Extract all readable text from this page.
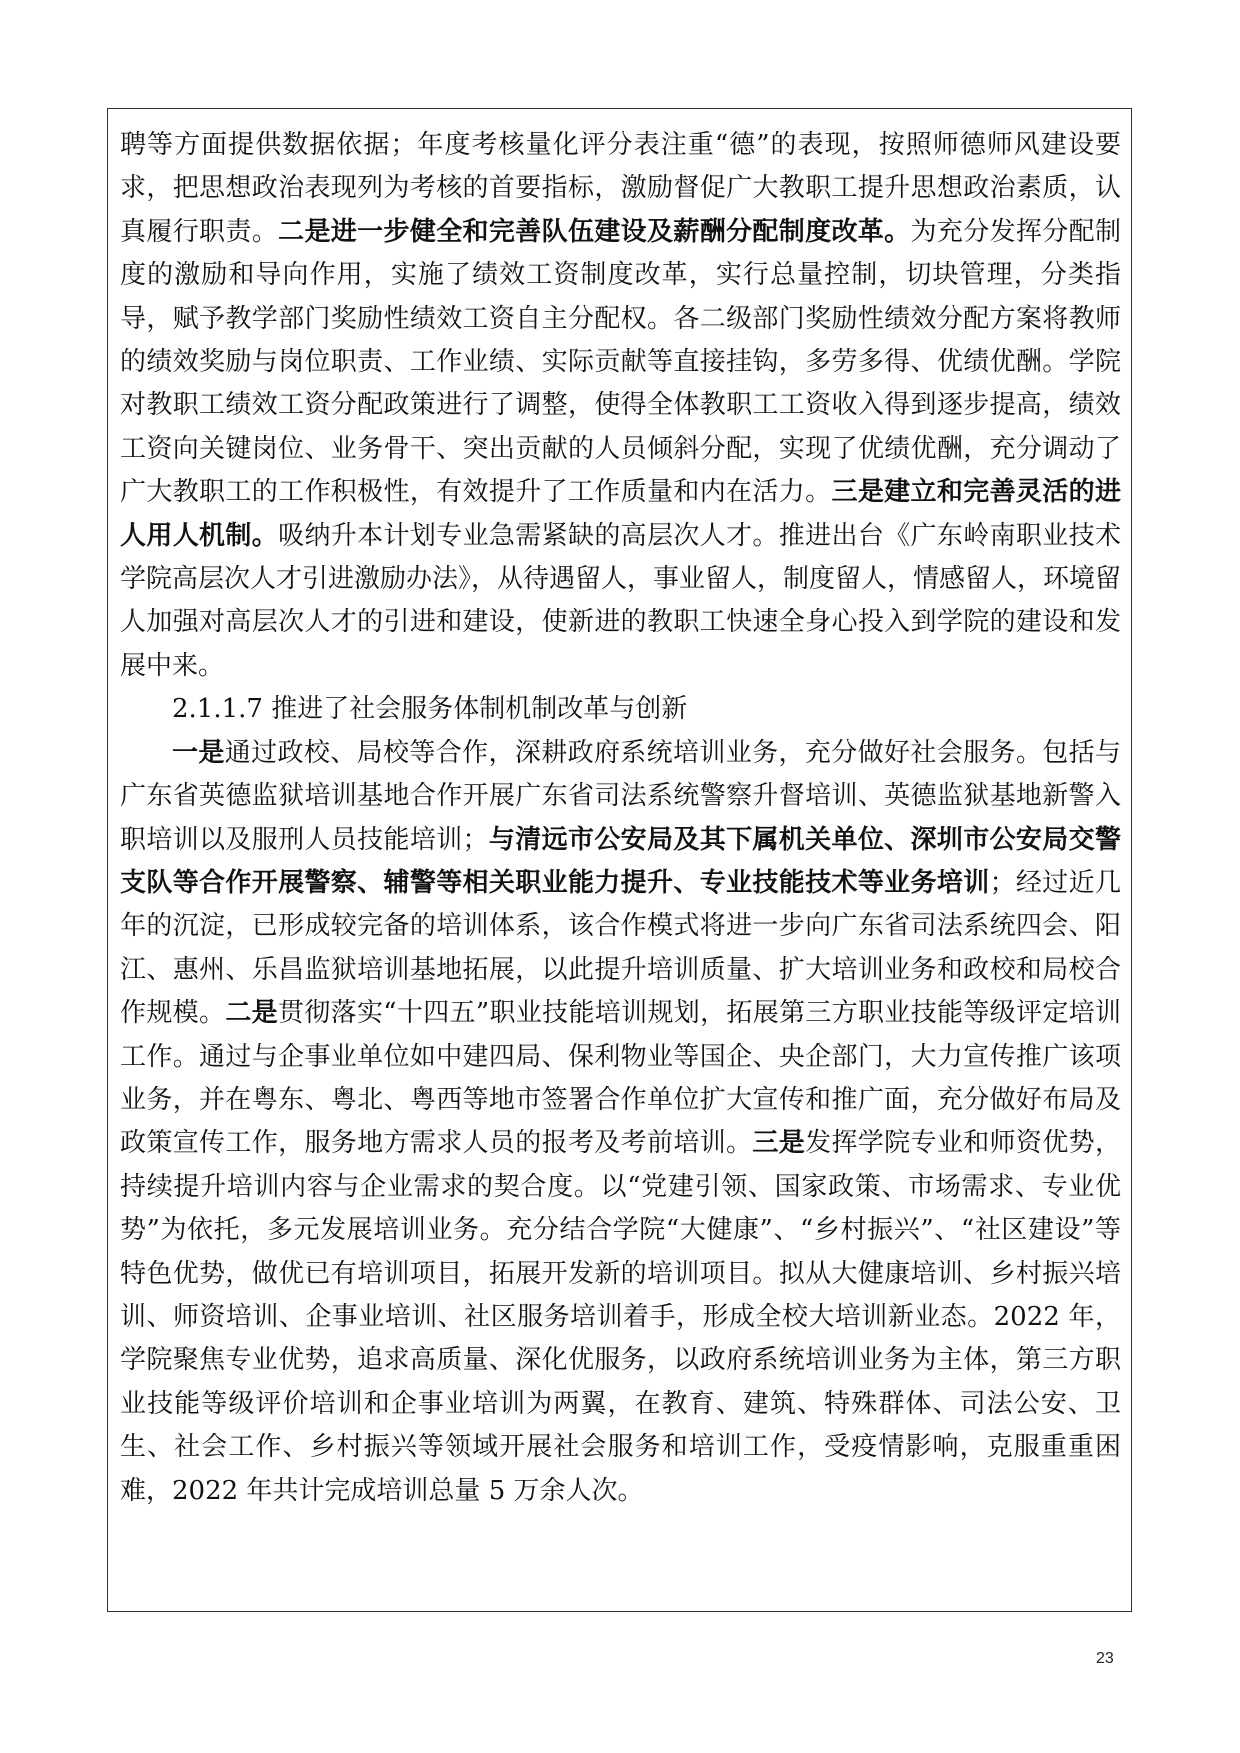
聘等方面提供数据依据；年度考核量化评分表注重“德”的表现，按照师德师风建设要求，把思想政治表现列为考核的首要指标，激励督促广大教职工提升思想政治素质，认真履行职责。二是进一步健全和完善队伍建设及薪酬分配制度改革。为充分发挥分配制度的激励和导向作用，实施了绩效工资制度改革，实行总量控制，切块管理，分类指导，赋予教学部门奖励性绩效工资自主分配权。各二级部门奖励性绩效分配方案将教师的绩效奖励与岗位职责、工作业绩、实际贡献等直接挂钩，多劳多得、优绩优酬。学院对教职工绩效工资分配政策进行了调整，使得全体教职工工资收入得到逐步提高，绩效工资向关键岗位、业务骨干、突出贡献的人员倾斜分配，实现了优绩优酬，充分调动了广大教职工的工作积极性，有效提升了工作质量和内在活力。三是建立和完善灵活的进人用人机制。吸纳升本计划专业急需紧缺的高层次人才。推进出台《广东岭南职业技术学院高层次人才引进激励办法》，从待遇留人，事业留人，制度留人，情感留人，环境留人加强对高层次人才的引进和建设，使新进的教职工快速全身心投入到学院的建设和发展中来。

2.1.1.7 推进了社会服务体制机制改革与创新

一是通过政校、局校等合作，深耕政府系统培训业务，充分做好社会服务。包括与广东省英德监狱培训基地合作开展广东省司法系统警察升督培训、英德监狱基地新警入职培训以及服刑人员技能培训；与清远市公安局及其下属机关单位、深圳市公安局交警支队等合作开展警察、辅警等相关职业能力提升、专业技能技术等业务培训；经过近几年的沉淀，已形成较完备的培训体系，该合作模式将进一步向广东省司法系统四会、阳江、惠州、乐昌监狱培训基地拓展，以此提升培训质量、扩大培训业务和政校和局校合作规模。二是贯彻落实“十四五”职业技能培训规划，拓展第三方职业技能等级评定培训工作。通过与企事业单位如中建四局、保利物业等国企、央企部门，大力宣传推广该项业务，并在粤东、粤北、粤西等地市签署合作单位扩大宣传和推广面，充分做好布局及政策宣传工作，服务地方需求人员的报考及考前培训。三是发挥学院专业和师资优势，持续提升培训内容与企业需求的契合度。以“党建引领、国家政策、市场需求、专业优势”为依托，多元发展培训业务。充分结合学院“大健康”、“乡村振兴”、“社区建设”等特色优势，做优已有培训项目，拓展开发新的培训项目。拟从大健康培训、乡村振兴培训、师资培训、企事业培训、社区服务培训着手，形成全校大培训新业态。2022 年，学院聚焦专业优势，追求高质量、深化优服务，以政府系统培训业务为主体，第三方职业技能等级评价培训和企事业培训为两翼，在教育、建筑、特殊群体、司法公安、卫生、社会工作、乡村振兴等领域开展社会服务和培训工作，受疫情影响，克服重重困难，2022 年共计完成培训总量 5 万余人次。

23
